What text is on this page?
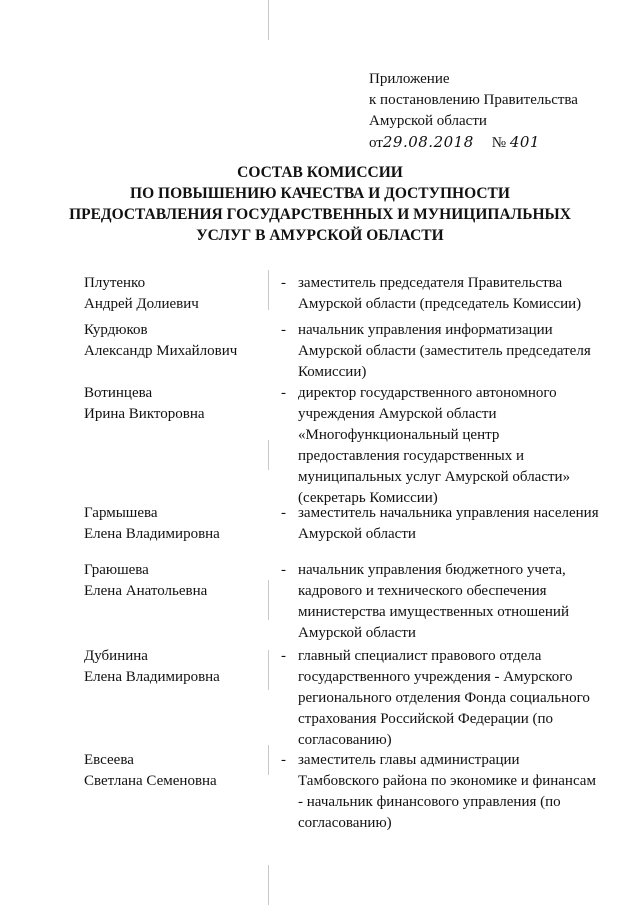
Приложение
к постановлению Правительства
Амурской области
от29.08.2018 № 401
СОСТАВ КОМИССИИ
ПО ПОВЫШЕНИЮ КАЧЕСТВА И ДОСТУПНОСТИ
ПРЕДОСТАВЛЕНИЯ ГОСУДАРСТВЕННЫХ И МУНИЦИПАЛЬНЫХ
УСЛУГ В АМУРСКОЙ ОБЛАСТИ
Плутенко
Андрей Долиевич
- заместитель председателя Правительства
Амурской области (председатель Комиссии)
Курдюков
Александр Михайлович
- начальник управления информатизации
Амурской области (заместитель председателя
Комиссии)
Вотинцева
Ирина Викторовна
- директор государственного автономного
учреждения Амурской области
«Многофункциональный центр
предоставления государственных и
муниципальных услуг Амурской области»
(секретарь Комиссии)
Гармышева
Елена Владимировна
- заместитель начальника управления населения
Амурской области
Граюшева
Елена Анатольевна
- начальник управления бюджетного учета,
кадрового и технического обеспечения
министерства имущественных отношений
Амурской области
Дубинина
Елена Владимировна
- главный специалист правового отдела
государственного учреждения - Амурского
регионального отделения Фонда социального
страхования Российской Федерации (по
согласованию)
Евсеева
Светлана Семеновна
- заместитель главы администрации
Тамбовского района по экономике и финансам
- начальник финансового управления (по
согласованию)
